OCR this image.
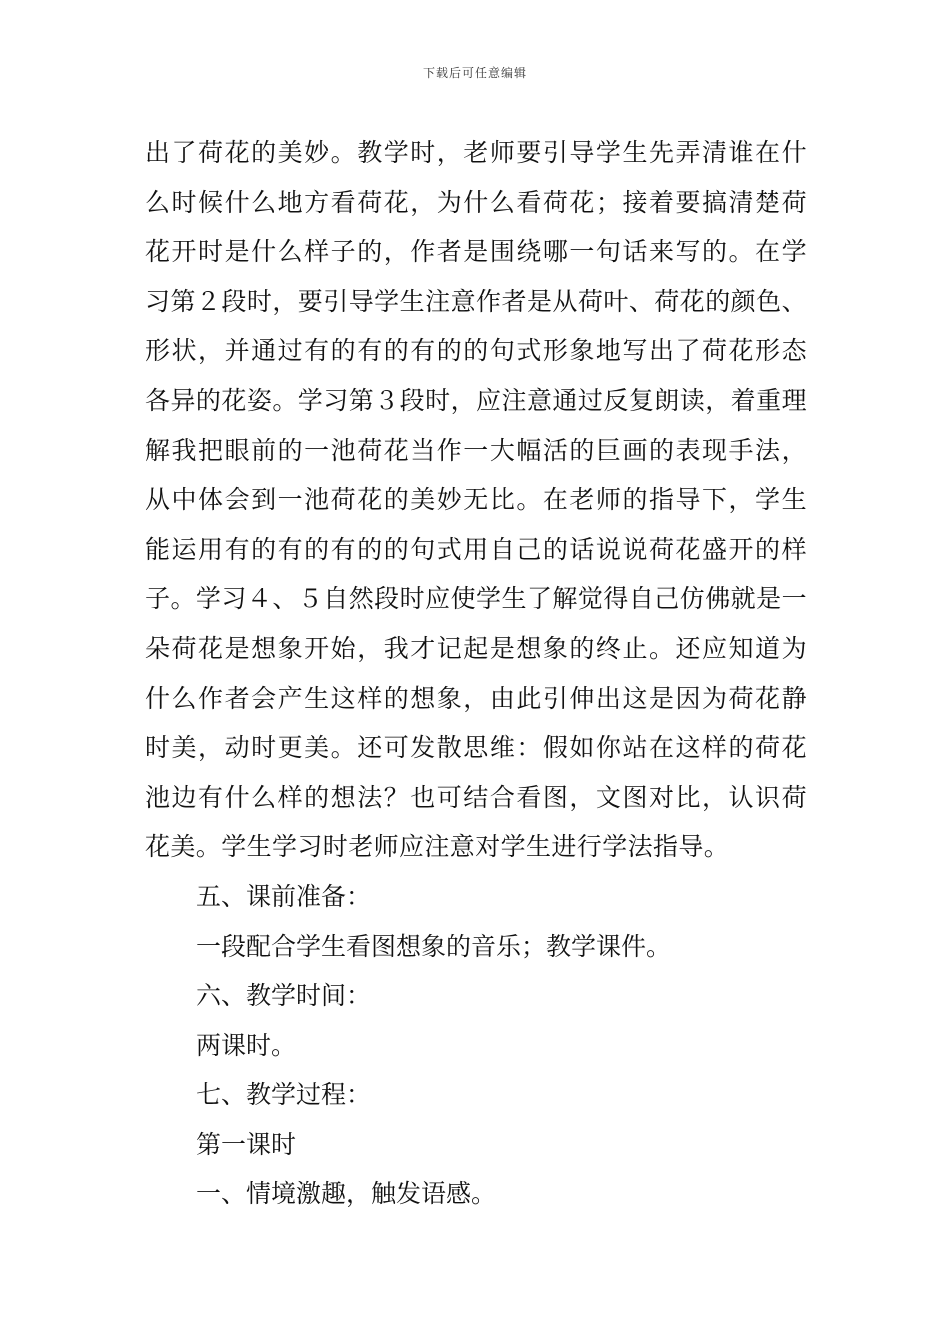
下载后可任意编辑

出了荷花的美妙。教学时，老师要引导学生先弄清谁在什
么时候什么地方看荷花，为什么看荷花；接着要搞清楚荷
花开时是什么样子的，作者是围绕哪一句话来写的。在学
习第２段时，要引导学生注意作者是从荷叶、荷花的颜色、
形状，并通过有的有的有的的句式形象地写出了荷花形态
各异的花姿。学习第３段时，应注意通过反复朗读，着重理
解我把眼前的一池荷花当作一大幅活的巨画的表现手法，
从中体会到一池荷花的美妙无比。在老师的指导下，学生
能运用有的有的有的的句式用自己的话说说荷花盛开的样
子。学习４、５自然段时应使学生了解觉得自己仿佛就是一
朵荷花是想象开始，我才记起是想象的终止。还应知道为
什么作者会产生这样的想象，由此引伸出这是因为荷花静
时美，动时更美。还可发散思维：假如你站在这样的荷花
池边有什么样的想法？也可结合看图，文图对比，认识荷
花美。学生学习时老师应注意对学生进行学法指导。

五、课前准备：

一段配合学生看图想象的音乐；教学课件。

六、教学时间：

两课时。

七、教学过程：

第一课时

一、情境激趣，触发语感。
